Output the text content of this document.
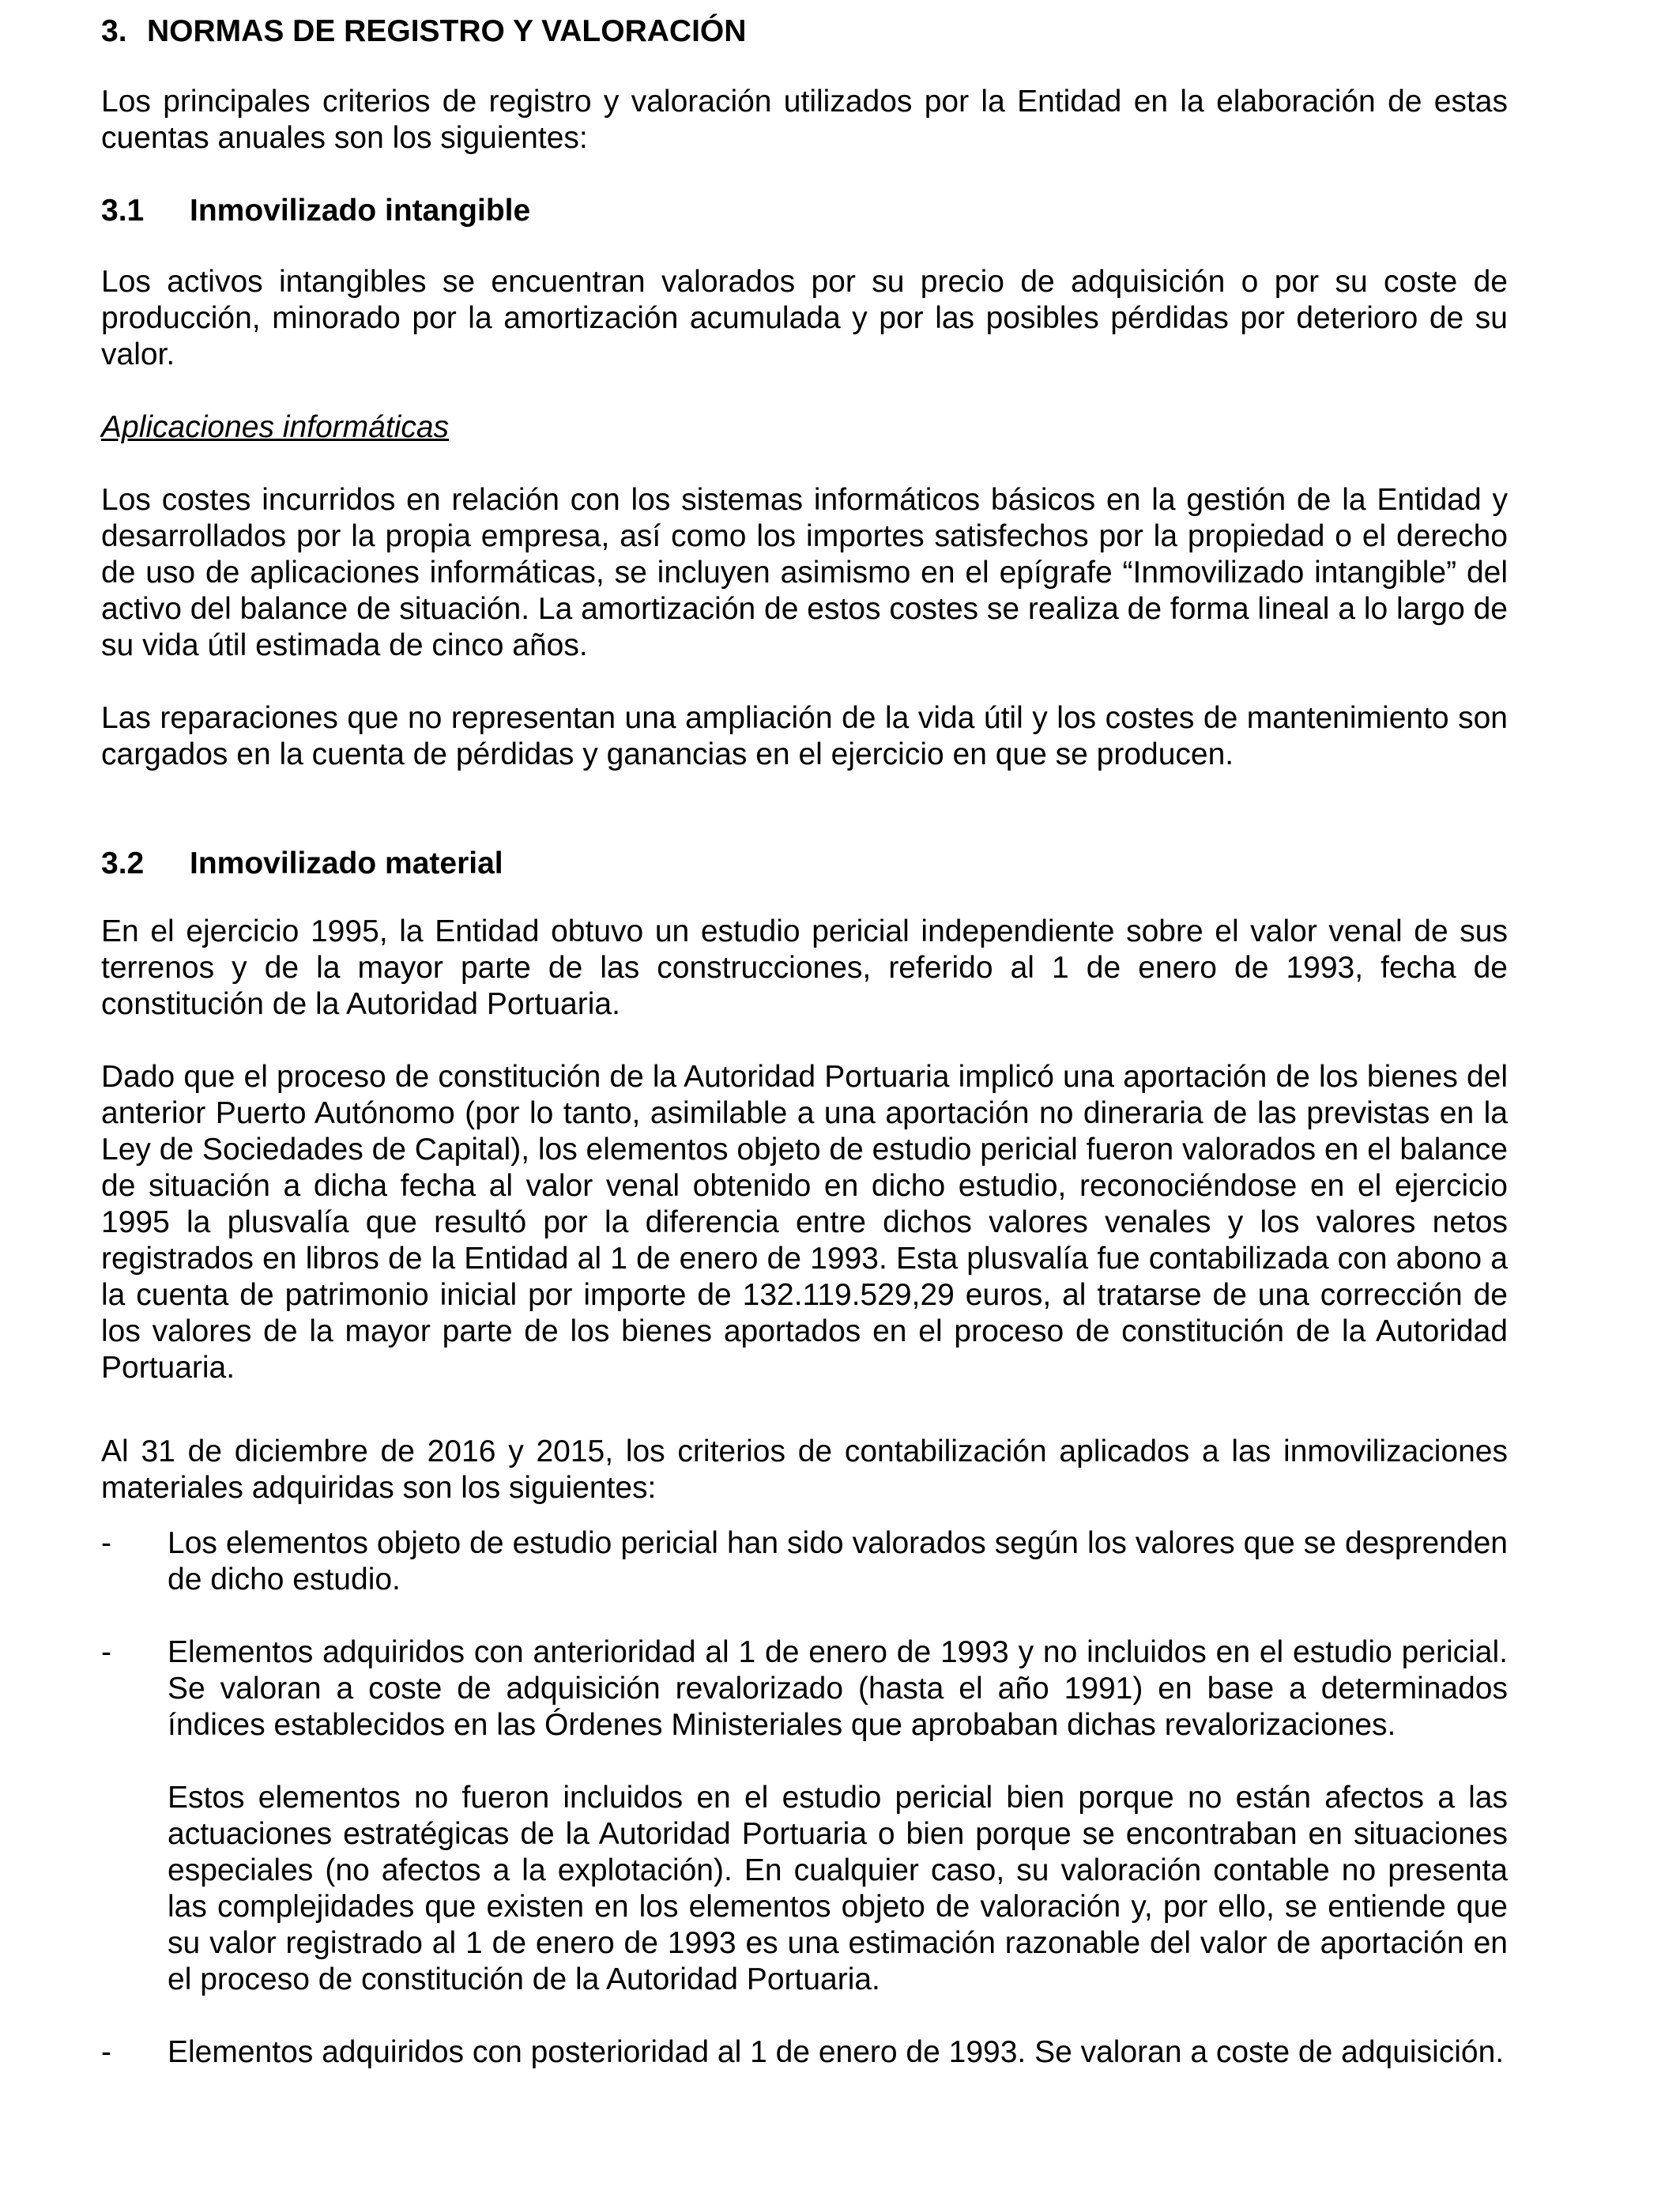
3. NORMAS DE REGISTRO Y VALORACIÓN

Los principales criterios de registro y valoración utilizados por la Entidad en la elaboración de estas cuentas anuales son los siguientes:

3.1 Inmovilizado intangible

Los activos intangibles se encuentran valorados por su precio de adquisición o por su coste de producción, minorado por la amortización acumulada y por las posibles pérdidas por deterioro de su valor.

Aplicaciones informáticas

Los costes incurridos en relación con los sistemas informáticos básicos en la gestión de la Entidad y desarrollados por la propia empresa, así como los importes satisfechos por la propiedad o el derecho de uso de aplicaciones informáticas, se incluyen asimismo en el epígrafe “Inmovilizado intangible” del activo del balance de situación. La amortización de estos costes se realiza de forma lineal a lo largo de su vida útil estimada de cinco años.

Las reparaciones que no representan una ampliación de la vida útil y los costes de mantenimiento son cargados en la cuenta de pérdidas y ganancias en el ejercicio en que se producen.

3.2 Inmovilizado material

En el ejercicio 1995, la Entidad obtuvo un estudio pericial independiente sobre el valor venal de sus terrenos y de la mayor parte de las construcciones, referido al 1 de enero de 1993, fecha de constitución de la Autoridad Portuaria.

Dado que el proceso de constitución de la Autoridad Portuaria implicó una aportación de los bienes del anterior Puerto Autónomo (por lo tanto, asimilable a una aportación no dineraria de las previstas en la Ley de Sociedades de Capital), los elementos objeto de estudio pericial fueron valorados en el balance de situación a dicha fecha al valor venal obtenido en dicho estudio, reconociéndose en el ejercicio 1995 la plusvalía que resultó por la diferencia entre dichos valores venales y los valores netos registrados en libros de la Entidad al 1 de enero de 1993. Esta plusvalía fue contabilizada con abono a la cuenta de patrimonio inicial por importe de 132.119.529,29 euros, al tratarse de una corrección de los valores de la mayor parte de los bienes aportados en el proceso de constitución de la Autoridad Portuaria.

Al 31 de diciembre de 2016 y 2015, los criterios de contabilización aplicados a las inmovilizaciones materiales adquiridas son los siguientes:

-	Los elementos objeto de estudio pericial han sido valorados según los valores que se desprenden de dicho estudio.
-	Elementos adquiridos con anterioridad al 1 de enero de 1993 y no incluidos en el estudio pericial. Se valoran a coste de adquisición revalorizado (hasta el año 1991) en base a determinados índices establecidos en las Órdenes Ministeriales que aprobaban dichas revalorizaciones.

Estos elementos no fueron incluidos en el estudio pericial bien porque no están afectos a las actuaciones estratégicas de la Autoridad Portuaria o bien porque se encontraban en situaciones especiales (no afectos a la explotación). En cualquier caso, su valoración contable no presenta las complejidades que existen en los elementos objeto de valoración y, por ello, se entiende que su valor registrado al 1 de enero de 1993 es una estimación razonable del valor de aportación en el proceso de constitución de la Autoridad Portuaria.

-	Elementos adquiridos con posterioridad al 1 de enero de 1993. Se valoran a coste de adquisición.
